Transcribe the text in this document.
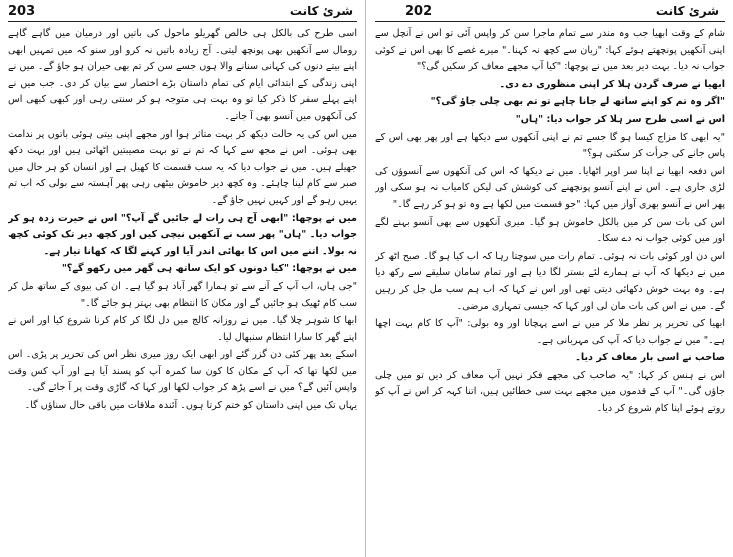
203	شرئ کانت

اسی طرح کی بالکل ہی خالص گھریلو ماحول کی باتیں اور درمیان میں گاہے گاہے رومال سے آنکھیں بھی پونچھ لیتی۔ آج زیادہ باتیں نہ کرو اور سنو کہ میں تمہیں ابھی اپنے بیتے دنوں کی کہانی سنانے والا ہوں جسے سن کر تم بھی حیران ہو جاؤ گے۔ میں نے اپنی زندگی کے ابتدائی ایام کی تمام داستان بڑے اختصار سے بیان کر دی۔ جب میں نے اپنے پہلے سفر کا ذکر کیا تو وہ بہت ہی متوجہ ہو کر سنتی رہی اور کبھی کبھی اس کی آنکھوں میں آنسو بھی آ جاتے۔

میں اس کی یہ حالت دیکھ کر بہت متاثر ہوا اور مجھے اپنی بیتی ہوئی باتوں پر ندامت بھی ہوئی۔ اس نے مجھ سے کہا کہ تم نے تو بہت مصیبتیں اٹھائی ہیں اور بہت دکھ جھیلے ہیں۔ میں نے جواب دیا کہ یہ سب قسمت کا کھیل ہے اور انسان کو ہر حال میں صبر سے کام لینا چاہئے۔ وہ کچھ دیر خاموش بیٹھی رہی پھر آہستہ سے بولی کہ اب تم یہیں رہو گے اور کہیں نہیں جاؤ گے۔

میں نے پوچھا: "ابھی آج ہی رات لے جائیں گے آپ؟" اس نے حیرت زدہ ہو کر جواب دیا۔ "ہاں" پھر سب نے آنکھیں نیچی کیں اور کچھ دیر تک کوئی کچھ نہ بولا۔ اتنے میں اس کا بھائی اندر آیا اور کہنے لگا کہ کھانا تیار ہے۔

میں نے پوچھا: "کیا دونوں کو ایک ساتھ ہی گھر میں رکھو گے؟"

"جی ہاں، اب آپ کے آنے سے تو ہمارا گھر آباد ہو گیا ہے۔ ان کی بیوی کے ساتھ مل کر سب کام ٹھیک ہو جائیں گے اور مکان کا انتظام بھی بہتر ہو جائے گا۔"

ابھا کا شوہر چلا گیا۔ میں نے روزانہ کالج میں دل لگا کر کام کرنا شروع کیا اور اس نے اپنے گھر کا سارا انتظام سنبھال لیا۔

اسکے بعد پھر کئی دن گزر گئے اور ابھی ایک روز میری نظر اس کی تحریر پر پڑی۔ اس میں لکھا تھا کہ آپ کے مکان کا کون سا کمرہ آپ کو پسند آیا ہے اور آپ کس وقت واپس آئیں گے؟ میں نے اسے پڑھ کر جواب لکھا اور کہا کہ گاڑی وقت پر آ جائے گی۔

یہاں تک میں اپنی داستان کو ختم کرتا ہوں۔ آئندہ ملاقات میں باقی حال سناؤں گا۔

202	شرئ کانت

شام کے وقت ابھیا جب وہ مندر سے تمام ماجرا سن کر واپس آئی تو اس نے آنچل سے اپنی آنکھیں پونچھتے ہوئے کہا: "زبان سے کچھ نہ کہنا۔" میرے غصے کا بھی اس نے کوئی جواب نہ دیا۔ بہت دیر بعد میں نے پوچھا: "کیا آپ مجھے معاف کر سکیں گی؟"

ابھیا نے صرف گردن ہلا کر اپنی منظوری دے دی۔

"اگر وہ تم کو اپنے ساتھ لے جانا چاہے تو تم بھی چلی جاؤ گی؟"

اس نے اسی طرح سر ہلا کر جواب دیا: "ہاں"

"یہ ابھی کا مزاج کیسا ہو گا جسے تم نے اپنی آنکھوں سے دیکھا ہے اور پھر بھی اس کے پاس جانے کی جرأت کر سکتی ہو؟"

اس دفعہ ابھیا نے اپنا سر اوپر اٹھایا۔ میں نے دیکھا کہ اس کی آنکھوں سے آنسوؤں کی لڑی جاری ہے۔ اس نے اپنے آنسو پونچھنے کی کوشش کی لیکن کامیاب نہ ہو سکی اور پھر اس نے آنسو بھری آواز میں کہا: "جو قسمت میں لکھا ہے وہ تو ہو کر رہے گا۔"

اس کی بات سن کر میں بالکل خاموش ہو گیا۔ میری آنکھوں سے بھی آنسو بہنے لگے اور میں کوئی جواب نہ دے سکا۔

اس دن اور کوئی بات نہ ہوئی۔ تمام رات میں سوچتا رہا کہ اب کیا ہو گا۔ صبح اٹھ کر میں نے دیکھا کہ آپ نے ہمارے لئے بستر لگا دیا ہے اور تمام سامان سلیقے سے رکھ دیا ہے۔ وہ بہت خوش دکھائی دیتی تھی اور اس نے کہا کہ اب ہم سب مل جل کر رہیں گے۔ میں نے اس کی بات مان لی اور کہا کہ جیسی تمہاری مرضی۔

ابھیا کی تحریر پر نظر ملا کر میں نے اسے پہچانا اور وہ بولی: "آپ کا کام بہت اچھا ہے۔" میں نے جواب دیا کہ آپ کی مہربانی ہے۔

صاحب نے اسی بار معاف کر دیا۔

اس نے ہنس کر کہا: "یہ صاحب کی مجھے فکر نہیں آپ معاف کر دیں تو میں چلی جاؤں گی۔" آپ کے قدموں میں مجھے بہت سی خطائیں ہیں، اتنا کہہ کر اس نے آپ کو روتے ہوئے اپنا کام شروع کر دیا۔
